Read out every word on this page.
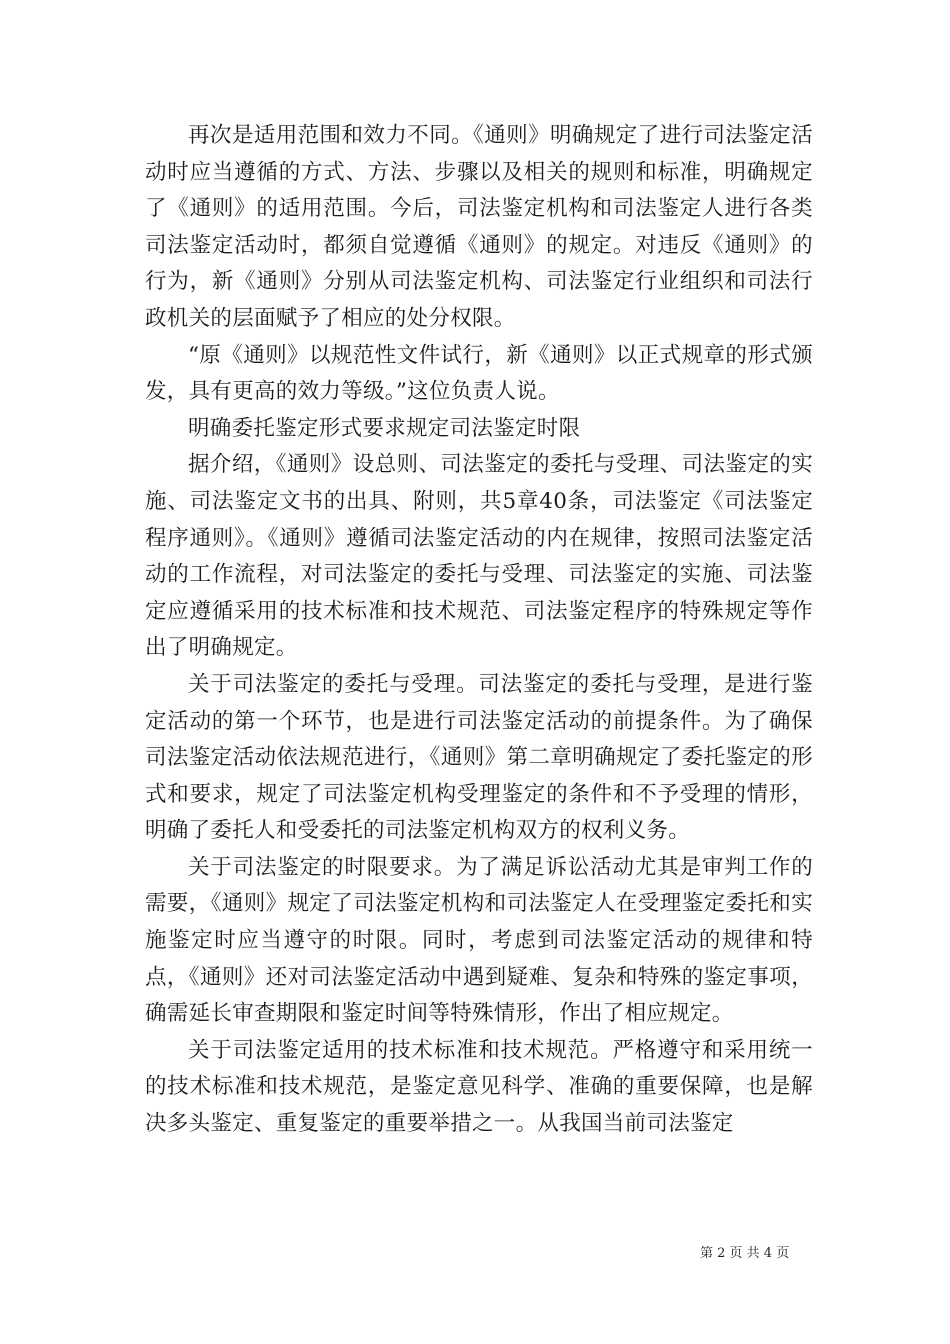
再次是适用范围和效力不同。《通则》明确规定了进行司法鉴定活动时应当遵循的方式、方法、步骤以及相关的规则和标准，明确规定了《通则》的适用范围。今后，司法鉴定机构和司法鉴定人进行各类司法鉴定活动时，都须自觉遵循《通则》的规定。对违反《通则》的行为，新《通则》分别从司法鉴定机构、司法鉴定行业组织和司法行政机关的层面赋予了相应的处分权限。

“原《通则》以规范性文件试行，新《通则》以正式规章的形式颁发，具有更高的效力等级。”这位负责人说。

明确委托鉴定形式要求规定司法鉴定时限

据介绍，《通则》设总则、司法鉴定的委托与受理、司法鉴定的实施、司法鉴定文书的出具、附则，共5章40条，司法鉴定《司法鉴定程序通则》。《通则》遵循司法鉴定活动的内在规律，按照司法鉴定活动的工作流程，对司法鉴定的委托与受理、司法鉴定的实施、司法鉴定应遵循采用的技术标准和技术规范、司法鉴定程序的特殊规定等作出了明确规定。

关于司法鉴定的委托与受理。司法鉴定的委托与受理，是进行鉴定活动的第一个环节，也是进行司法鉴定活动的前提条件。为了确保司法鉴定活动依法规范进行，《通则》第二章明确规定了委托鉴定的形式和要求，规定了司法鉴定机构受理鉴定的条件和不予受理的情形，明确了委托人和受委托的司法鉴定机构双方的权利义务。

关于司法鉴定的时限要求。为了满足诉讼活动尤其是审判工作的需要，《通则》规定了司法鉴定机构和司法鉴定人在受理鉴定委托和实施鉴定时应当遵守的时限。同时，考虑到司法鉴定活动的规律和特点，《通则》还对司法鉴定活动中遇到疑难、复杂和特殊的鉴定事项，确需延长审查期限和鉴定时间等特殊情形，作出了相应规定。

关于司法鉴定适用的技术标准和技术规范。严格遵守和采用统一的技术标准和技术规范，是鉴定意见科学、准确的重要保障，也是解决多头鉴定、重复鉴定的重要举措之一。从我国当前司法鉴定

第 2 页 共 4 页
